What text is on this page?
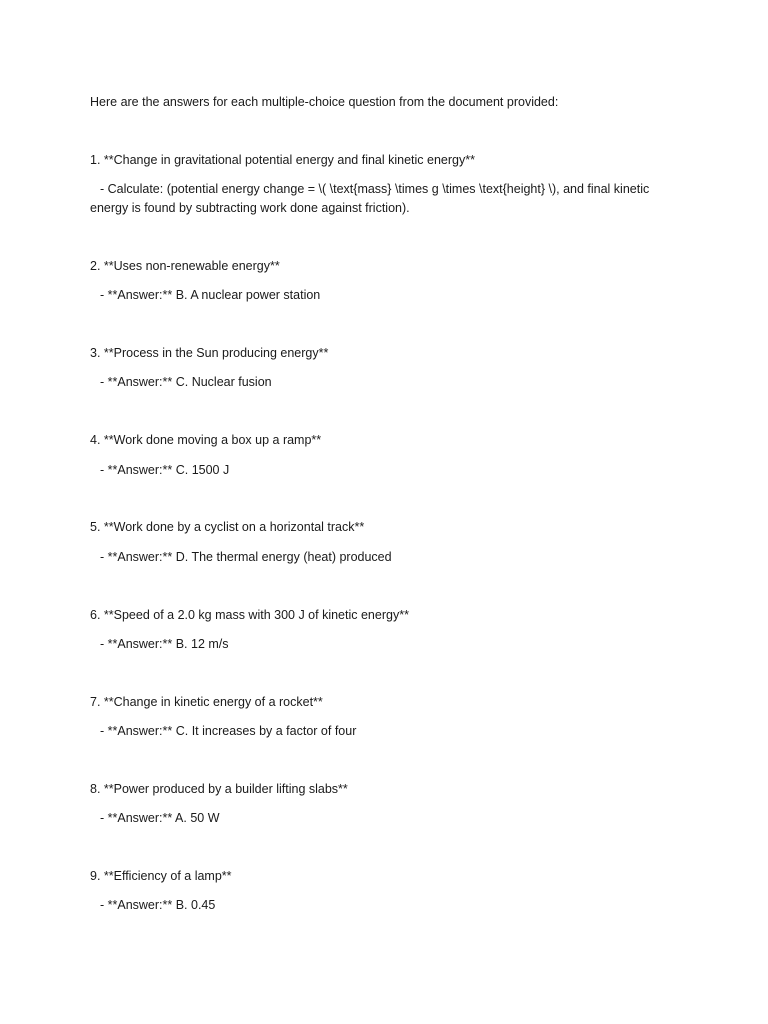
Here are the answers for each multiple-choice question from the document provided:
1. **Change in gravitational potential energy and final kinetic energy**
- Calculate: (potential energy change = \( \text{mass} \times g \times \text{height} \), and final kinetic energy is found by subtracting work done against friction).
2. **Uses non-renewable energy**
- **Answer:** B. A nuclear power station
3. **Process in the Sun producing energy**
- **Answer:** C. Nuclear fusion
4. **Work done moving a box up a ramp**
- **Answer:** C. 1500 J
5. **Work done by a cyclist on a horizontal track**
- **Answer:** D. The thermal energy (heat) produced
6. **Speed of a 2.0 kg mass with 300 J of kinetic energy**
- **Answer:** B. 12 m/s
7. **Change in kinetic energy of a rocket**
- **Answer:** C. It increases by a factor of four
8. **Power produced by a builder lifting slabs**
- **Answer:** A. 50 W
9. **Efficiency of a lamp**
- **Answer:** B. 0.45
